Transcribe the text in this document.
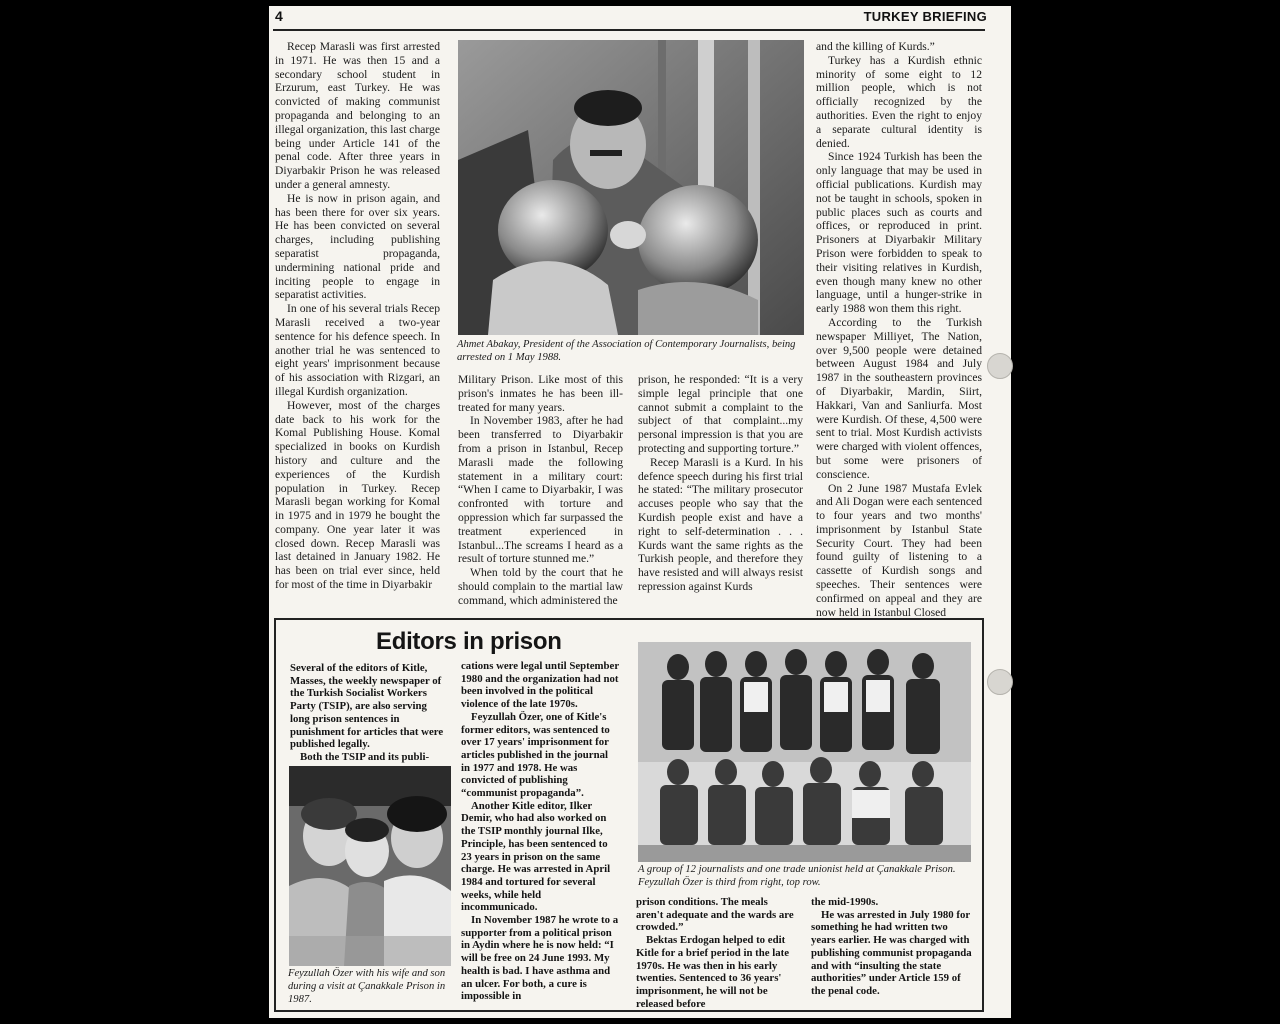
4	TURKEY BRIEFING

Recep Marasli was first arrested in 1971. He was then 15 and a secondary school student in Erzurum, east Turkey. He was convicted of making communist propaganda and belonging to an illegal organization, this last charge being under Article 141 of the penal code. After three years in Diyarbakir Prison he was released under a general amnesty.

He is now in prison again, and has been there for over six years. He has been convicted on several charges, including publishing separatist propaganda, undermining national pride and inciting people to engage in separatist activities.

In one of his several trials Recep Marasli received a two-year sentence for his defence speech. In another trial he was sentenced to eight years' imprisonment because of his association with Rizgari, an illegal Kurdish organization.

However, most of the charges date back to his work for the Komal Publishing House. Komal specialized in books on Kurdish history and culture and the experiences of the Kurdish population in Turkey. Recep Marasli began working for Komal in 1975 and in 1979 he bought the company. One year later it was closed down. Recep Marasli was last detained in January 1982. He has been on trial ever since, held for most of the time in Diyarbakir

Ahmet Abakay, President of the Association of Contemporary Journalists, being arrested on 1 May 1988.

Military Prison. Like most of this prison's inmates he has been ill-treated for many years.

In November 1983, after he had been transferred to Diyarbakir from a prison in Istanbul, Recep Marasli made the following statement in a military court: “When I came to Diyarbakir, I was confronted with torture and oppression which far surpassed the treatment experienced in Istanbul...The screams I heard as a result of torture stunned me.”

When told by the court that he should complain to the martial law command, which administered the

prison, he responded: “It is a very simple legal principle that one cannot submit a complaint to the subject of that complaint...my personal impression is that you are protecting and supporting torture.”

Recep Marasli is a Kurd. In his defence speech during his first trial he stated: “The military prosecutor accuses people who say that the Kurdish people exist and have a right to self-determination . . . Kurds want the same rights as the Turkish people, and therefore they have resisted and will always resist repression against Kurds

and the killing of Kurds.”

Turkey has a Kurdish ethnic minority of some eight to 12 million people, which is not officially recognized by the authorities. Even the right to enjoy a separate cultural identity is denied.

Since 1924 Turkish has been the only language that may be used in official publications. Kurdish may not be taught in schools, spoken in public places such as courts and offices, or reproduced in print. Prisoners at Diyarbakir Military Prison were forbidden to speak to their visiting relatives in Kurdish, even though many knew no other language, until a hunger-strike in early 1988 won them this right.

According to the Turkish newspaper Milliyet, The Nation, over 9,500 people were detained between August 1984 and July 1987 in the southeastern provinces of Diyarbakir, Mardin, Siirt, Hakkari, Van and Sanliurfa. Most were Kurdish. Of these, 4,500 were sent to trial. Most Kurdish activists were charged with violent offences, but some were prisoners of conscience.

On 2 June 1987 Mustafa Evlek and Ali Dogan were each sentenced to four years and two months' imprisonment by Istanbul State Security Court. They had been found guilty of listening to a cassette of Kurdish songs and speeches. Their sentences were confirmed on appeal and they are now held in Istanbul Closed

Editors in prison

Several of the editors of Kitle, Masses, the weekly newspaper of the Turkish Socialist Workers Party (TSIP), are also serving long prison sentences in punishment for articles that were published legally.

Both the TSIP and its publi-

Feyzullah Özer with his wife and son during a visit at Çanakkale Prison in 1987.

cations were legal until September 1980 and the organization had not been involved in the political violence of the late 1970s.

Feyzullah Özer, one of Kitle's former editors, was sentenced to over 17 years' imprisonment for articles published in the journal in 1977 and 1978. He was convicted of publishing “communist propaganda”.

Another Kitle editor, Ilker Demir, who had also worked on the TSIP monthly journal Ilke, Principle, has been sentenced to 23 years in prison on the same charge. He was arrested in April 1984 and tortured for several weeks, while held incommunicado.

In November 1987 he wrote to a supporter from a political prison in Aydin where he is now held: “I will be free on 24 June 1993. My health is bad. I have asthma and an ulcer. For both, a cure is impossible in

A group of 12 journalists and one trade unionist held at Çanakkale Prison. Feyzullah Özer is third from right, top row.

prison conditions. The meals aren't adequate and the wards are crowded.”

Bektas Erdogan helped to edit Kitle for a brief period in the late 1970s. He was then in his early twenties. Sentenced to 36 years' imprisonment, he will not be released before

the mid-1990s.

He was arrested in July 1980 for something he had written two years earlier. He was charged with publishing communist propaganda and with “insulting the state authorities” under Article 159 of the penal code.
